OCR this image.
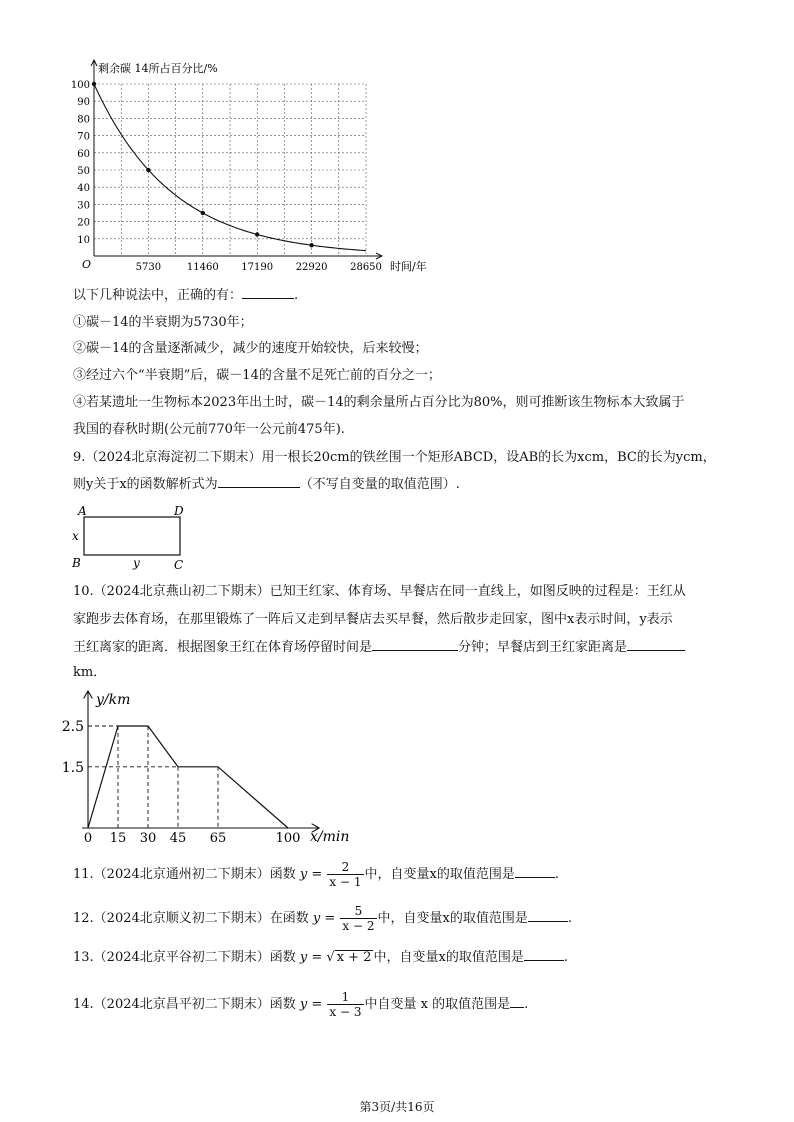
100
90
80
70
60
50
40
30
20
10
5730	11460 17190 22920 28650
剩余碳 14所占百分比/%
时间/年
O
以下几种说法中，正确的有：	.
①碳－14的半衰期为5730年；
②碳－14的含量逐渐减少，减少的速度开始较快，后来较慢；
③经过六个“半衰期”后，碳－14的含量不足死亡前的百分之一；
④若某遗址一生物标本2023年出土时，碳－14的剩余量所占百分比为80%，则可推断该生物标本大致属于
我国的春秋时期(公元前770年一公元前475年).
9.（2024北京海淀初二下期末）用一根长20cm的铁丝围一个矩形ABCD，设AB的长为xcm，BC的长为ycm，
则y关于x的函数解析式为	（不写自变量的取值范围）.
A	D
x
B	y	C
10.（2024北京燕山初二下期末）已知王红家、体育场、早餐店在同一直线上，如图反映的过程是：王红从
家跑步去体育场，在那里锻炼了一阵后又走到早餐店去买早餐，然后散步走回家，图中x表示时间，y表示
王红离家的距离．根据图象王红在体育场停留时间是	分钟；早餐店到王红家距离是
km．
2.5
1.5
0 15 30 45 65	100
y/km
x/min
11.（2024北京通州初二下期末）函数 $y = \frac{2}{x - 1}$ 中，自变量x的取值范围是	.
12.（2024北京顺义初二下期末）在函数 $y = \frac{5}{x - 2}$ 中，自变量x的取值范围是	.
13.（2024北京平谷初二下期末）函数 y = √ x + 2 中，自变量x的取值范围是	.
14.（2024北京昌平初二下期末）函数 $y = \frac{1}{x - 3}$ 中自变量 x 的取值范围是 .
第3页/共16页
